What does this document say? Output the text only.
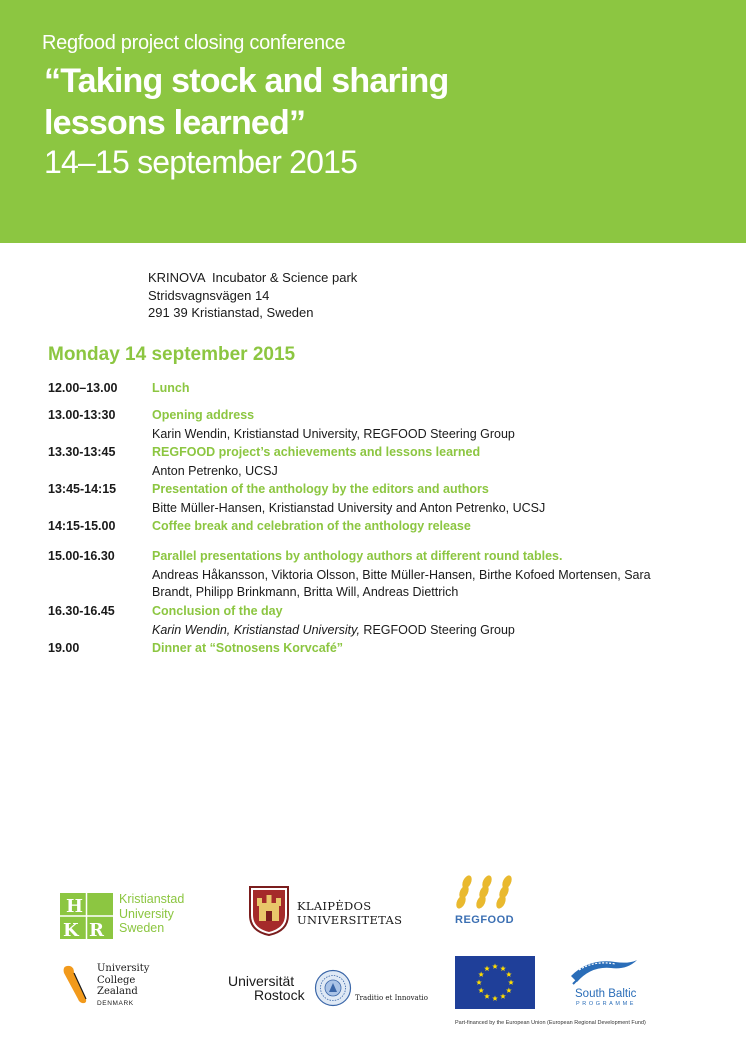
Regfood project closing conference
“Taking stock and sharing
lessons learned”
14–15 september 2015
KRINOVA  Incubator & Science park
Stridsvagnsvägen 14
291 39 Kristianstad, Sweden
Monday 14 september 2015
12.00–13.00	Lunch
13.00-13:30	Opening address
Karin Wendin, Kristianstad University, REGFOOD Steering Group
13.30-13:45	REGFOOD project’s achievements and lessons learned
Anton Petrenko, UCSJ
13:45-14:15	Presentation of the anthology by the editors and authors
Bitte Müller-Hansen, Kristianstad University and Anton Petrenko, UCSJ
14:15-15.00	Coffee break and celebration of the anthology release
15.00-16.30	Parallel presentations by anthology authors at different round tables.
Andreas Håkansson, Viktoria Olsson, Bitte Müller-Hansen, Birthe Kofoed Mortensen, Sara
Brandt, Philipp Brinkmann, Britta Will, Andreas Diettrich
16.30-16.45	Conclusion of the day
Karin Wendin, Kristianstad University, REGFOOD Steering Group
19.00	Dinner at “Sotnosens Korvcafé”
H
K R
Kristianstad
University
Sweden
KLAIPĖDOS
UNIVERSITETAS	REGFOOD
University
College
Zealand
DENMARK
Universität
Rostock	Traditio et Innovatio	South Baltic
PROGRAMME
Part-financed by the European Union (European Regional Development Fund)
